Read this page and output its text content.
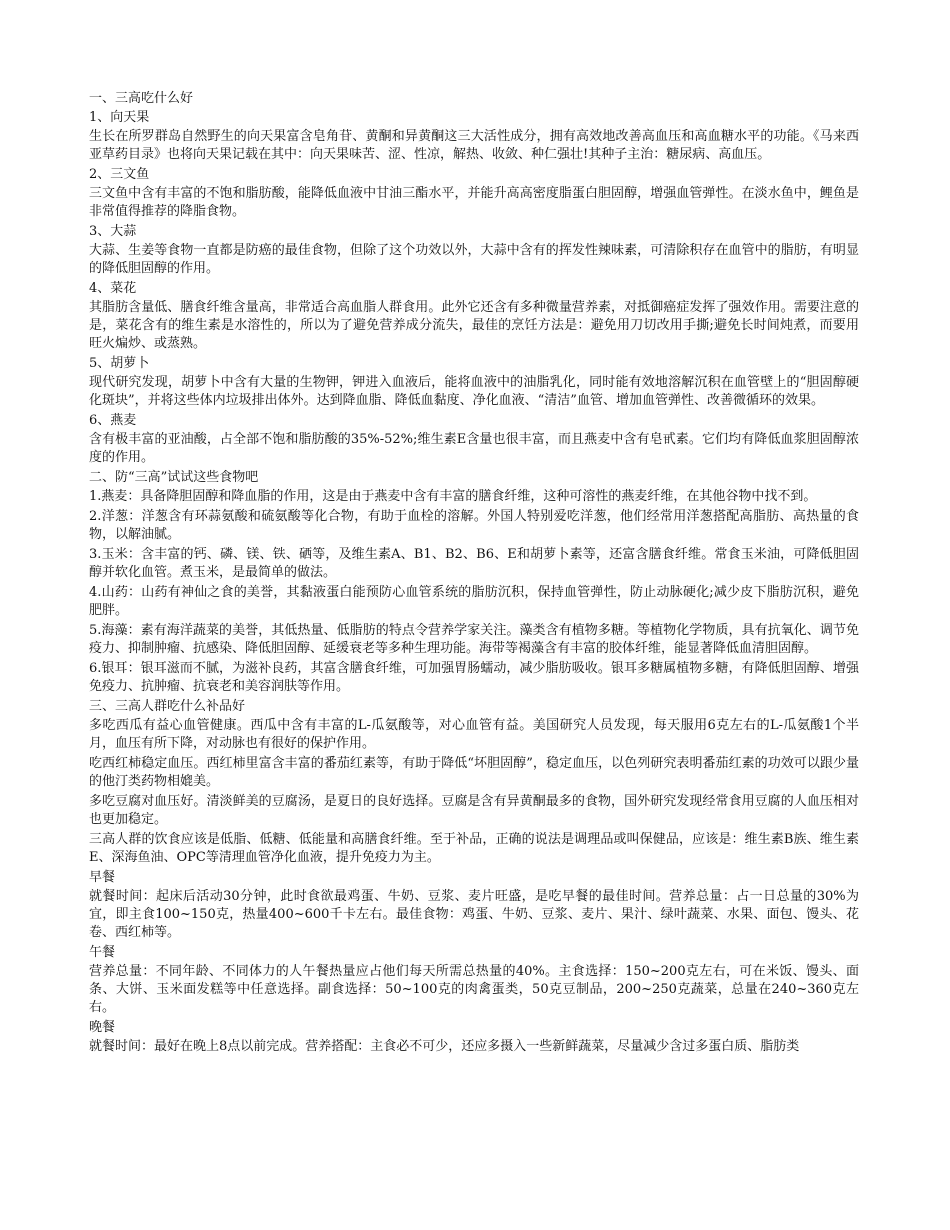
一、三高吃什么好

1、向天果

生长在所罗群岛自然野生的向天果富含皂角苷、黄酮和异黄酮这三大活性成分，拥有高效地改善高血压和高血糖水平的功能。《马来西亚草药目录》也将向天果记载在其中：向天果味苦、涩、性凉，解热、收敛、种仁强壮!其种子主治：糖尿病、高血压。

2、三文鱼

三文鱼中含有丰富的不饱和脂肪酸，能降低血液中甘油三酯水平，并能升高高密度脂蛋白胆固醇，增强血管弹性。在淡水鱼中，鲤鱼是非常值得推荐的降脂食物。

3、大蒜

大蒜、生姜等食物一直都是防癌的最佳食物，但除了这个功效以外，大蒜中含有的挥发性辣味素，可清除积存在血管中的脂肪，有明显的降低胆固醇的作用。

4、菜花

其脂肪含量低、膳食纤维含量高，非常适合高血脂人群食用。此外它还含有多种微量营养素，对抵御癌症发挥了强效作用。需要注意的是，菜花含有的维生素是水溶性的，所以为了避免营养成分流失，最佳的烹饪方法是：避免用刀切改用手撕;避免长时间炖煮，而要用旺火煸炒、或蒸熟。

5、胡萝卜

现代研究发现，胡萝卜中含有大量的生物钾，钾进入血液后，能将血液中的油脂乳化，同时能有效地溶解沉积在血管壁上的“胆固醇硬化斑块”，并将这些体内垃圾排出体外。达到降血脂、降低血黏度、净化血液、“清洁”血管、增加血管弹性、改善微循环的效果。

6、燕麦

含有极丰富的亚油酸，占全部不饱和脂肪酸的35%-52%;维生素E含量也很丰富，而且燕麦中含有皂甙素。它们均有降低血浆胆固醇浓度的作用。

二、防“三高”试试这些食物吧

1.燕麦：具备降胆固醇和降血脂的作用，这是由于燕麦中含有丰富的膳食纤维，这种可溶性的燕麦纤维，在其他谷物中找不到。

2.洋葱：洋葱含有环蒜氨酸和硫氨酸等化合物，有助于血栓的溶解。外国人特别爱吃洋葱，他们经常用洋葱搭配高脂肪、高热量的食物，以解油腻。

3.玉米：含丰富的钙、磷、镁、铁、硒等，及维生素A、B1、B2、B6、E和胡萝卜素等，还富含膳食纤维。常食玉米油，可降低胆固醇并软化血管。煮玉米，是最简单的做法。

4.山药：山药有神仙之食的美誉，其黏液蛋白能预防心血管系统的脂肪沉积，保持血管弹性，防止动脉硬化;减少皮下脂肪沉积，避免肥胖。

5.海藻：素有海洋蔬菜的美誉，其低热量、低脂肪的特点令营养学家关注。藻类含有植物多糖。等植物化学物质，具有抗氧化、调节免疫力、抑制肿瘤、抗感染、降低胆固醇、延缓衰老等多种生理功能。海带等褐藻含有丰富的胶体纤维，能显著降低血清胆固醇。

6.银耳：银耳滋而不腻，为滋补良药，其富含膳食纤维，可加强胃肠蠕动，减少脂肪吸收。银耳多糖属植物多糖，有降低胆固醇、增强免疫力、抗肿瘤、抗衰老和美容润肤等作用。

三、三高人群吃什么补品好

多吃西瓜有益心血管健康。西瓜中含有丰富的L-瓜氨酸等，对心血管有益。美国研究人员发现，每天服用6克左右的L-瓜氨酸1个半月，血压有所下降，对动脉也有很好的保护作用。

吃西红柿稳定血压。西红柿里富含丰富的番茄红素等，有助于降低“坏胆固醇”，稳定血压，以色列研究表明番茄红素的功效可以跟少量的他汀类药物相媲美。

多吃豆腐对血压好。清淡鲜美的豆腐汤，是夏日的良好选择。豆腐是含有异黄酮最多的食物，国外研究发现经常食用豆腐的人血压相对也更加稳定。

三高人群的饮食应该是低脂、低糖、低能量和高膳食纤维。至于补品，正确的说法是调理品或叫保健品，应该是：维生素B族、维生素E、深海鱼油、OPC等清理血管净化血液，提升免疫力为主。

早餐

就餐时间：起床后活动30分钟，此时食欲最鸡蛋、牛奶、豆浆、麦片旺盛，是吃早餐的最佳时间。营养总量：占一日总量的30%为宜，即主食100~150克，热量400~600千卡左右。最佳食物：鸡蛋、牛奶、豆浆、麦片、果汁、绿叶蔬菜、水果、面包、馒头、花卷、西红柿等。

午餐

营养总量：不同年龄、不同体力的人午餐热量应占他们每天所需总热量的40%。主食选择：150~200克左右，可在米饭、馒头、面条、大饼、玉米面发糕等中任意选择。副食选择：50~100克的肉禽蛋类，50克豆制品，200~250克蔬菜，总量在240~360克左右。

晚餐

就餐时间：最好在晚上8点以前完成。营养搭配：主食必不可少，还应多摄入一些新鲜蔬菜，尽量减少含过多蛋白质、脂肪类
